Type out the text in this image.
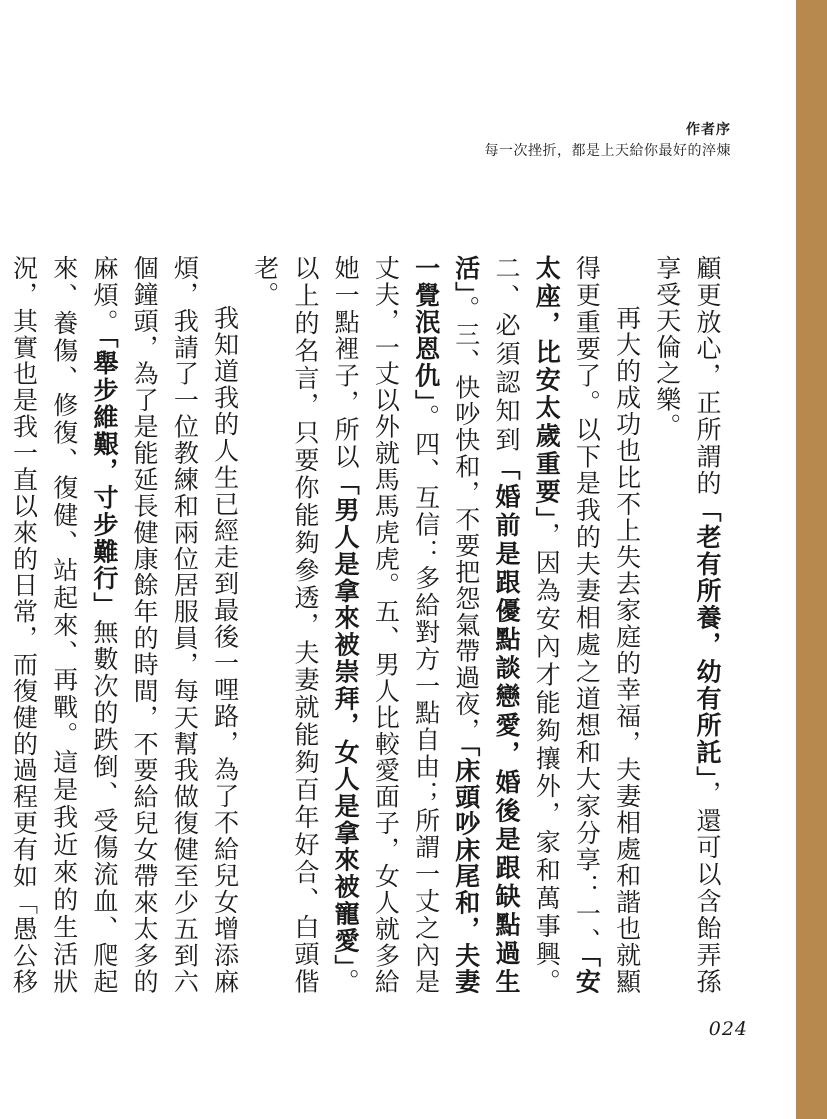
作者序
每一次挫折，都是上天給你最好的淬煉

顧更放心，正所謂的「老有所養，幼有所託」，還可以含飴弄孫享受天倫之樂。

再大的成功也比不上失去家庭的幸福，夫妻相處和諧也就顯得更重要了。以下是我的夫妻相處之道想和大家分享：一、「安太座，比安太歲重要」，因為安內才能夠攘外，家和萬事興。二、必須認知到「婚前是跟優點談戀愛，婚後是跟缺點過生活」。三、快吵快和，不要把怨氣帶過夜，「床頭吵床尾和，夫妻一覺泯恩仇」。四、互信：多給對方一點自由；所謂一丈之內是丈夫，一丈以外就馬馬虎虎。五、男人比較愛面子，女人就多給她一點裡子，所以「男人是拿來被崇拜，女人是拿來被寵愛」。以上的名言，只要你能夠參透，夫妻就能夠百年好合、白頭偕老。

我知道我的人生已經走到最後一哩路，為了不給兒女增添麻煩，我請了一位教練和兩位居服員，每天幫我做復健至少五到六個鐘頭，為了是能延長健康餘年的時間，不要給兒女帶來太多的麻煩。「舉步維艱，寸步難行」無數次的跌倒、受傷流血、爬起來、養傷、修復、復健、站起來、再戰。這是我近來的生活狀況，其實也是我一直以來的日常，而復健的過程更有如「愚公移

024
